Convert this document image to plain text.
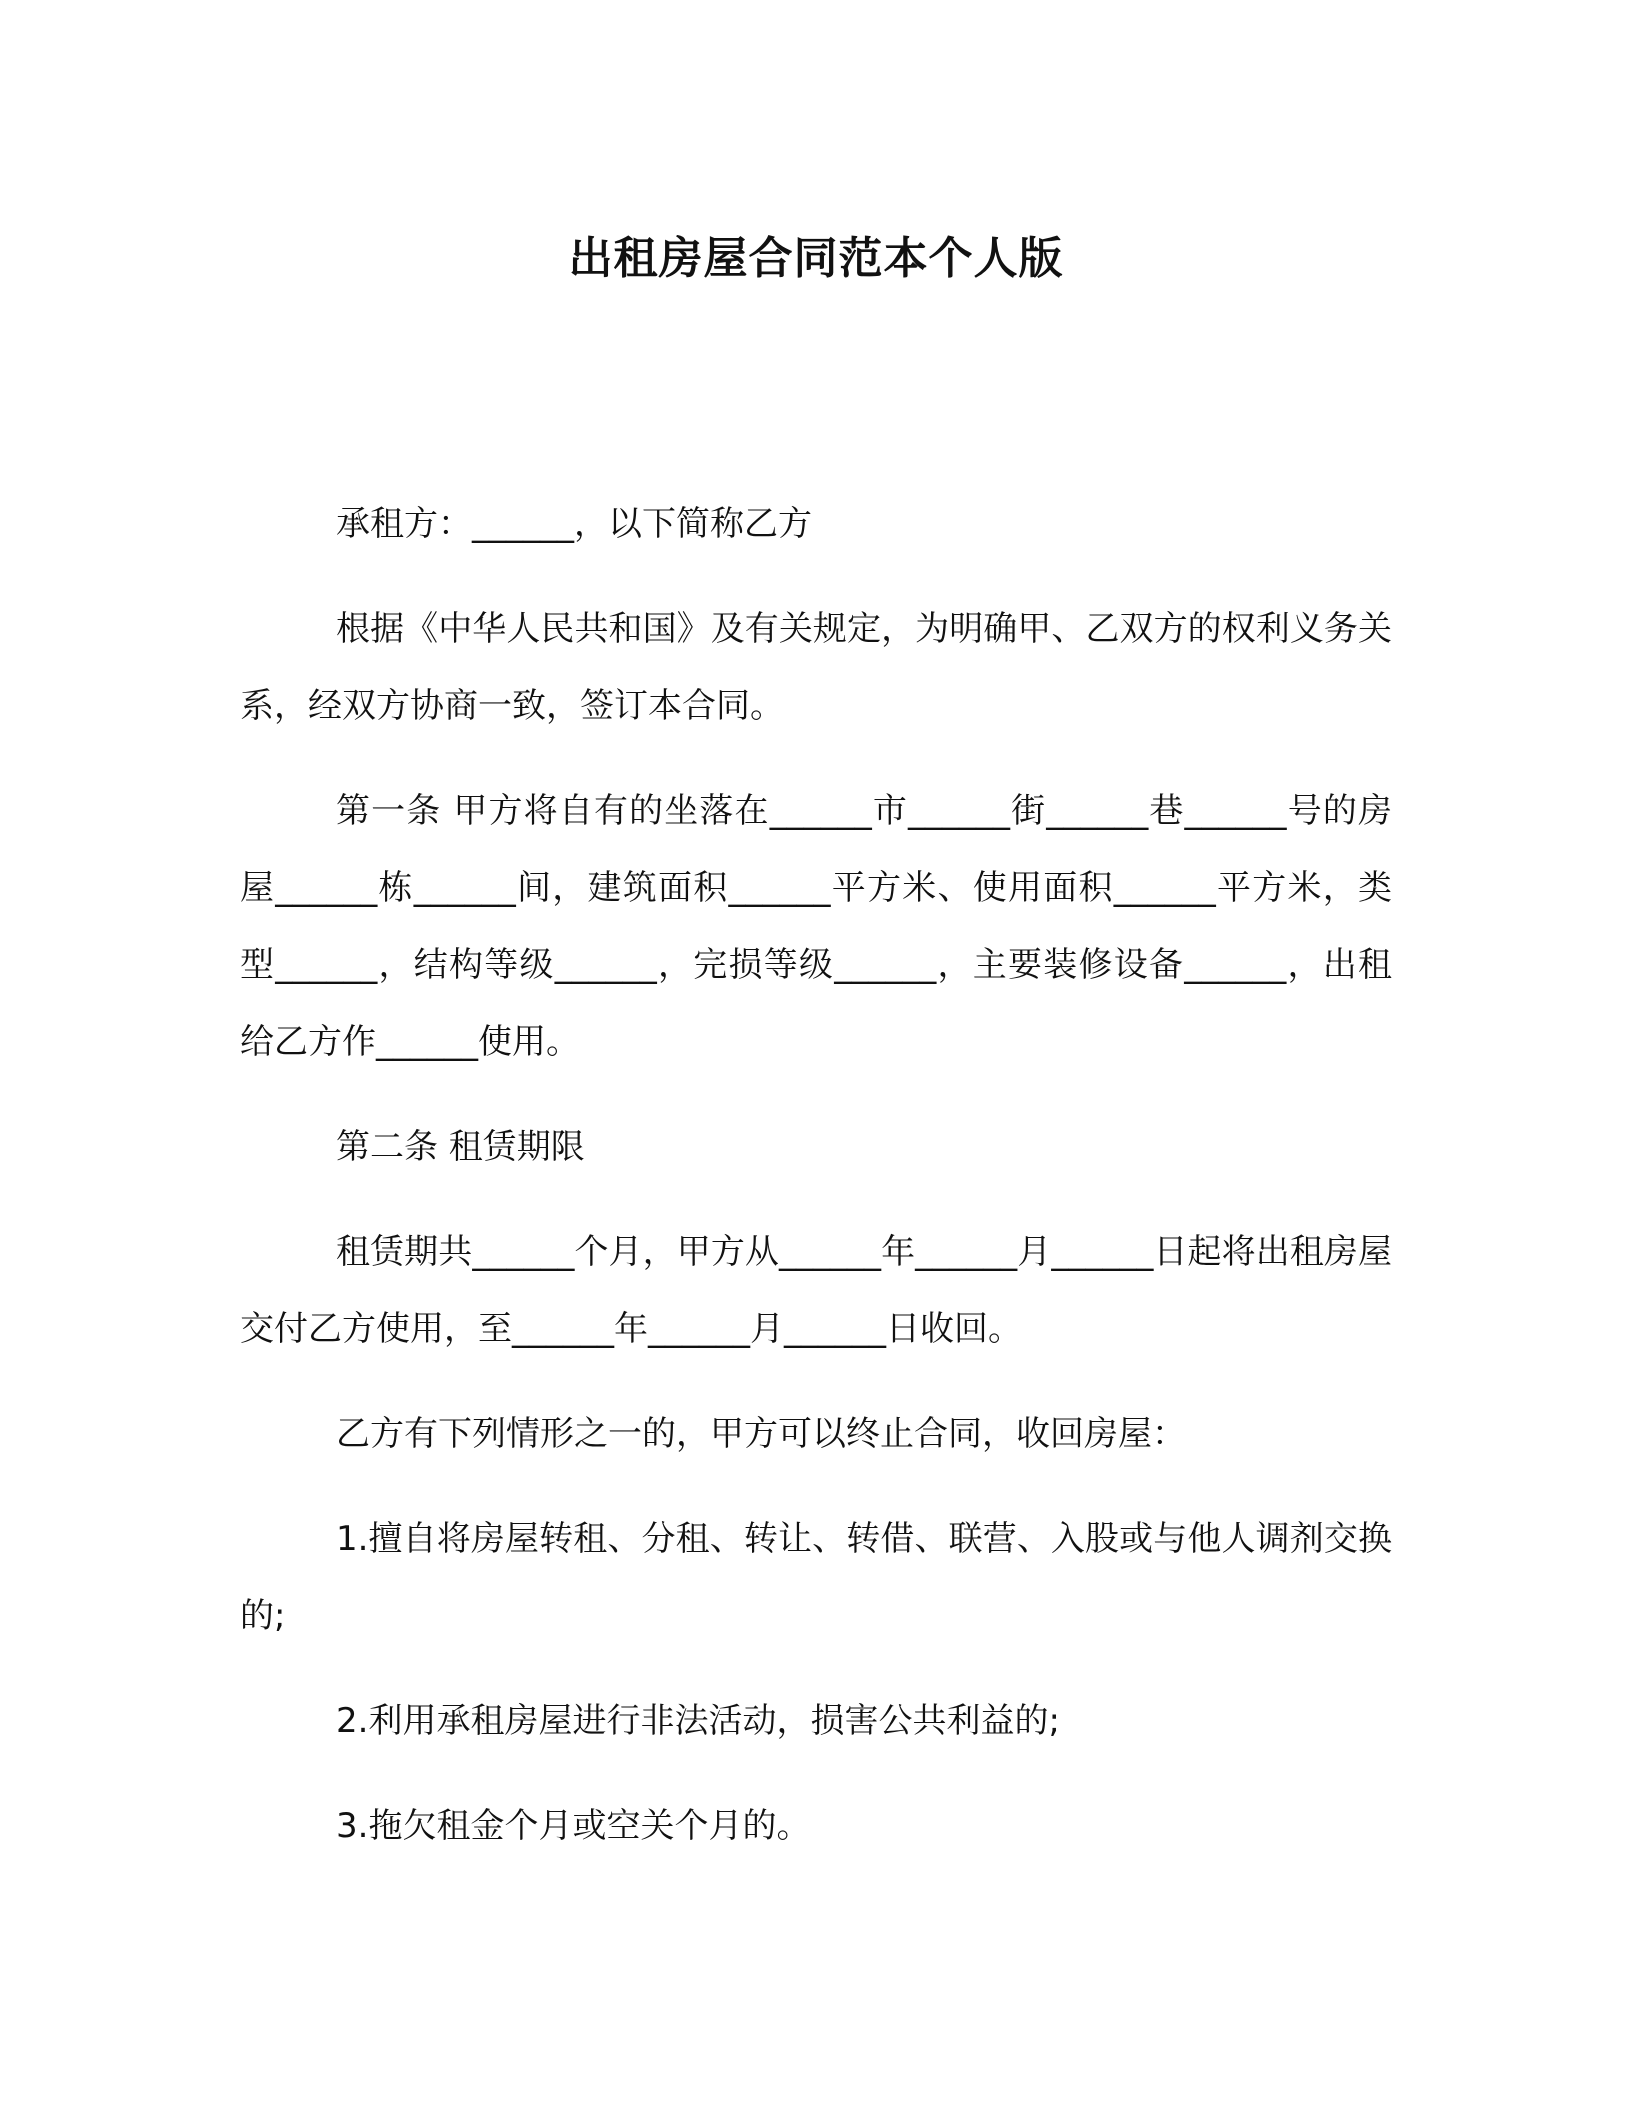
出租房屋合同范本个人版

承租方：______，以下简称乙方

根据《中华人民共和国》及有关规定，为明确甲、乙双方的权利义务关系，经双方协商一致，签订本合同。

第一条 甲方将自有的坐落在______市______街______巷______号的房屋______栋______间，建筑面积______平方米、使用面积______平方米，类型______，结构等级______，完损等级______，主要装修设备______，出租给乙方作______使用。

第二条 租赁期限

租赁期共______个月，甲方从______年______月______日起将出租房屋交付乙方使用，至______年______月______日收回。

乙方有下列情形之一的，甲方可以终止合同，收回房屋：

1.擅自将房屋转租、分租、转让、转借、联营、入股或与他人调剂交换的;

2.利用承租房屋进行非法活动，损害公共利益的;

3.拖欠租金个月或空关个月的。
